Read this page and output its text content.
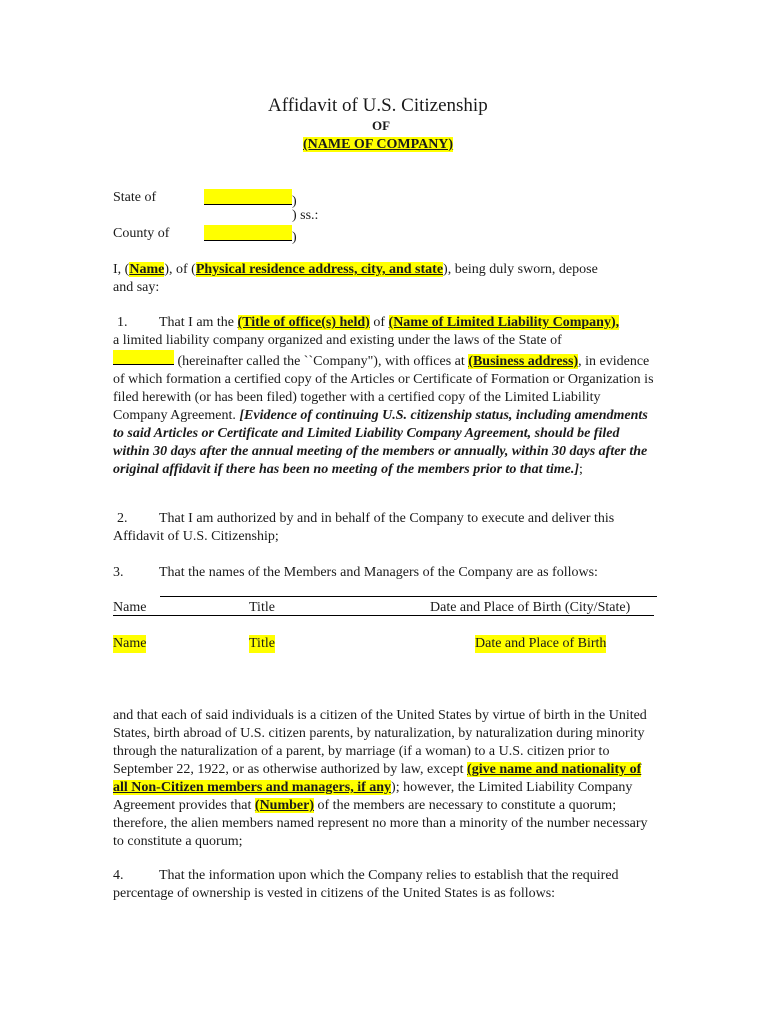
Affidavit of U.S. Citizenship
OF
(NAME OF COMPANY)
State of	)
) ss.:
County of	)
I, (Name), of (Physical residence address, city, and state), being duly sworn, depose
and say:
1. That I am the (Title of office(s) held) of (Name of Limited Liability Company),
a limited liability company organized and existing under the laws of the State of
(hereinafter called the ``Company"), with offices at (Business address), in evidence of which formation a certified copy of the Articles or Certificate of Formation or Organization is filed herewith (or has been filed) together with a certified copy of the Limited Liability Company Agreement. [Evidence of continuing U.S. citizenship status, including amendments to said Articles or Certificate and Limited Liability Company Agreement, should be filed within 30 days after the annual meeting of the members or annually, within 30 days after the original affidavit if there has been no meeting of the members prior to that time.];
2. That I am authorized by and in behalf of the Company to execute and deliver this Affidavit of U.S. Citizenship;
3.	That the names of the Members and Managers of the Company are as follows:
Name	Title	Date and Place of Birth (City/State)
Name	Title	Date and Place of Birth
and that each of said individuals is a citizen of the United States by virtue of birth in the United States, birth abroad of U.S. citizen parents, by naturalization, by naturalization during minority through the naturalization of a parent, by marriage (if a woman) to a U.S. citizen prior to September 22, 1922, or as otherwise authorized by law, except (give name and nationality of all Non-Citizen members and managers, if any); however, the Limited Liability Company Agreement provides that (Number) of the members are necessary to constitute a quorum; therefore, the alien members named represent no more than a minority of the number necessary to constitute a quorum;
4.	That the information upon which the Company relies to establish that the required percentage of ownership is vested in citizens of the United States is as follows:
